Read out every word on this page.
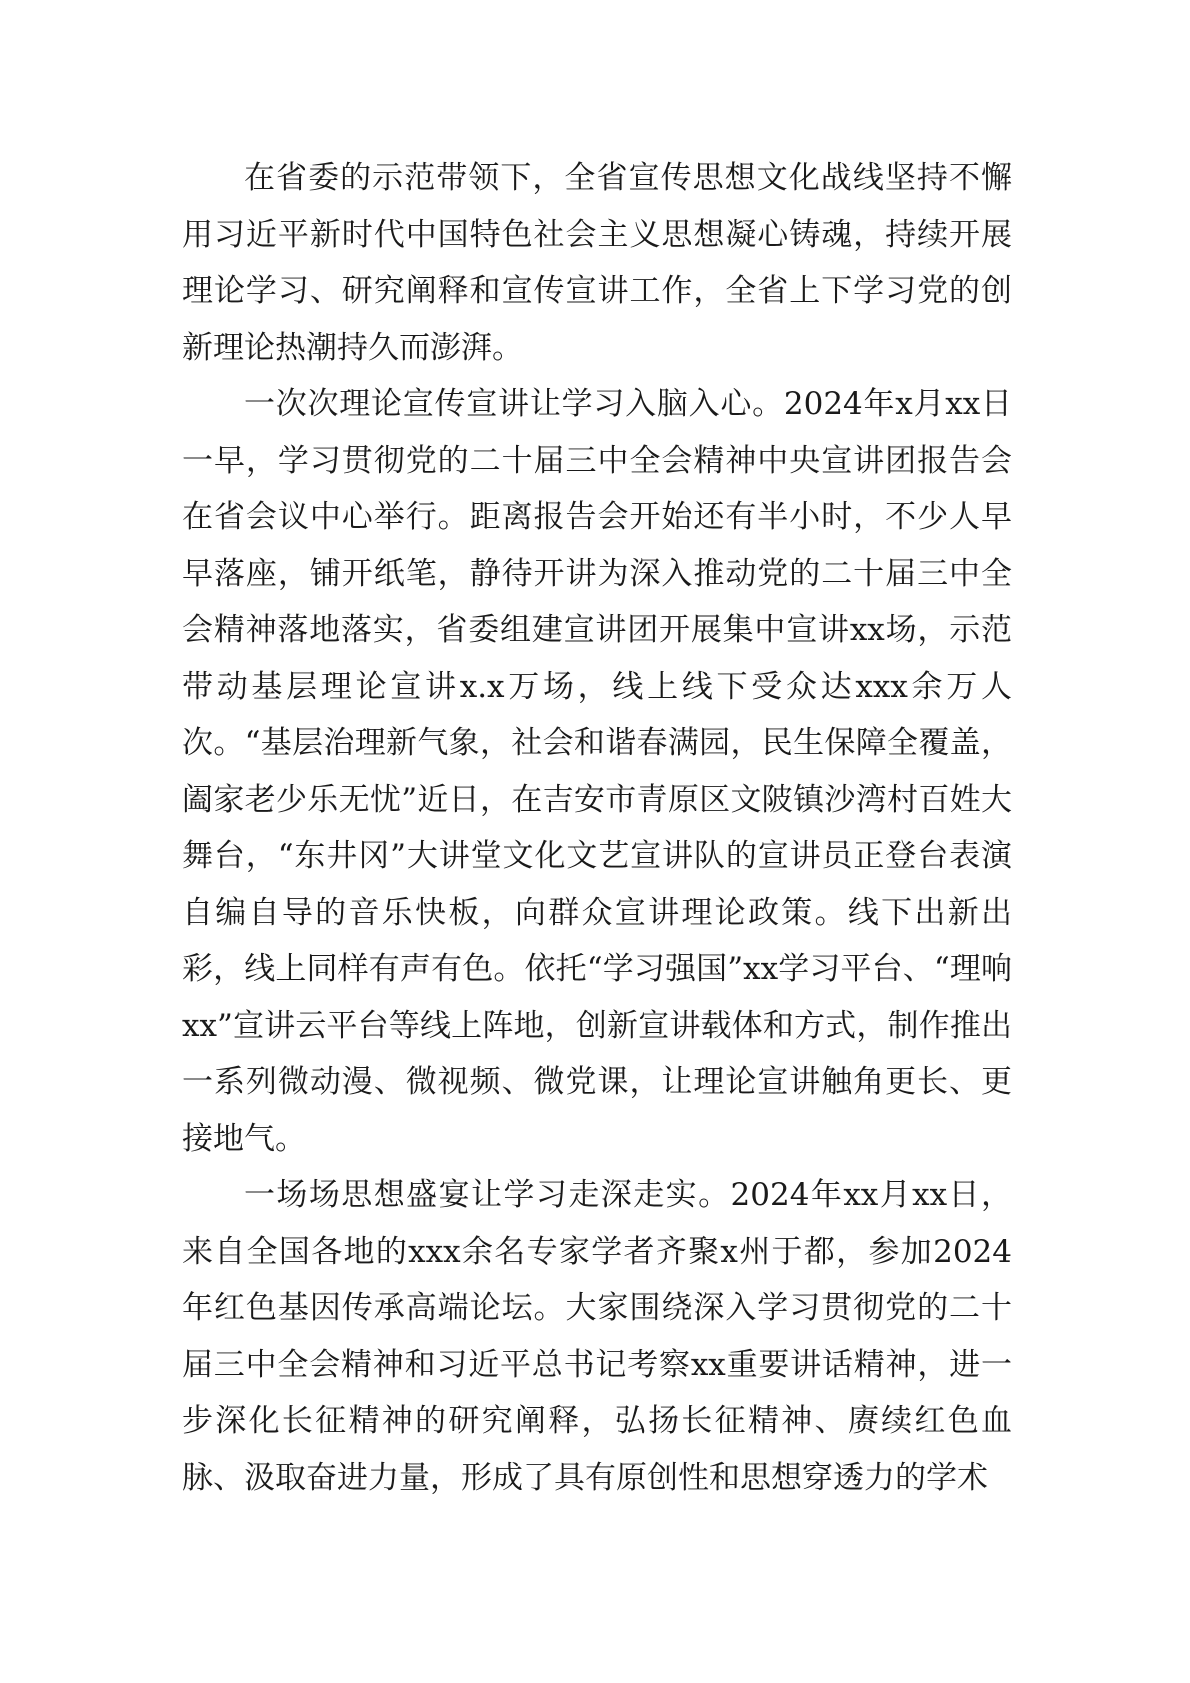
在省委的示范带领下，全省宣传思想文化战线坚持不懈用习近平新时代中国特色社会主义思想凝心铸魂，持续开展理论学习、研究阐释和宣传宣讲工作，全省上下学习党的创新理论热潮持久而澎湃。

一次次理论宣传宣讲让学习入脑入心。2024年x月xx日一早，学习贯彻党的二十届三中全会精神中央宣讲团报告会在省会议中心举行。距离报告会开始还有半小时，不少人早早落座，铺开纸笔，静待开讲为深入推动党的二十届三中全会精神落地落实，省委组建宣讲团开展集中宣讲xx场，示范带动基层理论宣讲x.x万场，线上线下受众达xxx余万人次。“基层治理新气象，社会和谐春满园，民生保障全覆盖，阖家老少乐无忧”近日，在吉安市青原区文陂镇沙湾村百姓大舞台，“东井冈”大讲堂文化文艺宣讲队的宣讲员正登台表演自编自导的音乐快板，向群众宣讲理论政策。线下出新出彩，线上同样有声有色。依托“学习强国”xx学习平台、“理响xx”宣讲云平台等线上阵地，创新宣讲载体和方式，制作推出一系列微动漫、微视频、微党课，让理论宣讲触角更长、更接地气。

一场场思想盛宴让学习走深走实。2024年xx月xx日，来自全国各地的xxx余名专家学者齐聚x州于都，参加2024年红色基因传承高端论坛。大家围绕深入学习贯彻党的二十届三中全会精神和习近平总书记考察xx重要讲话精神，进一步深化长征精神的研究阐释，弘扬长征精神、赓续红色血脉、汲取奋进力量，形成了具有原创性和思想穿透力的学术
